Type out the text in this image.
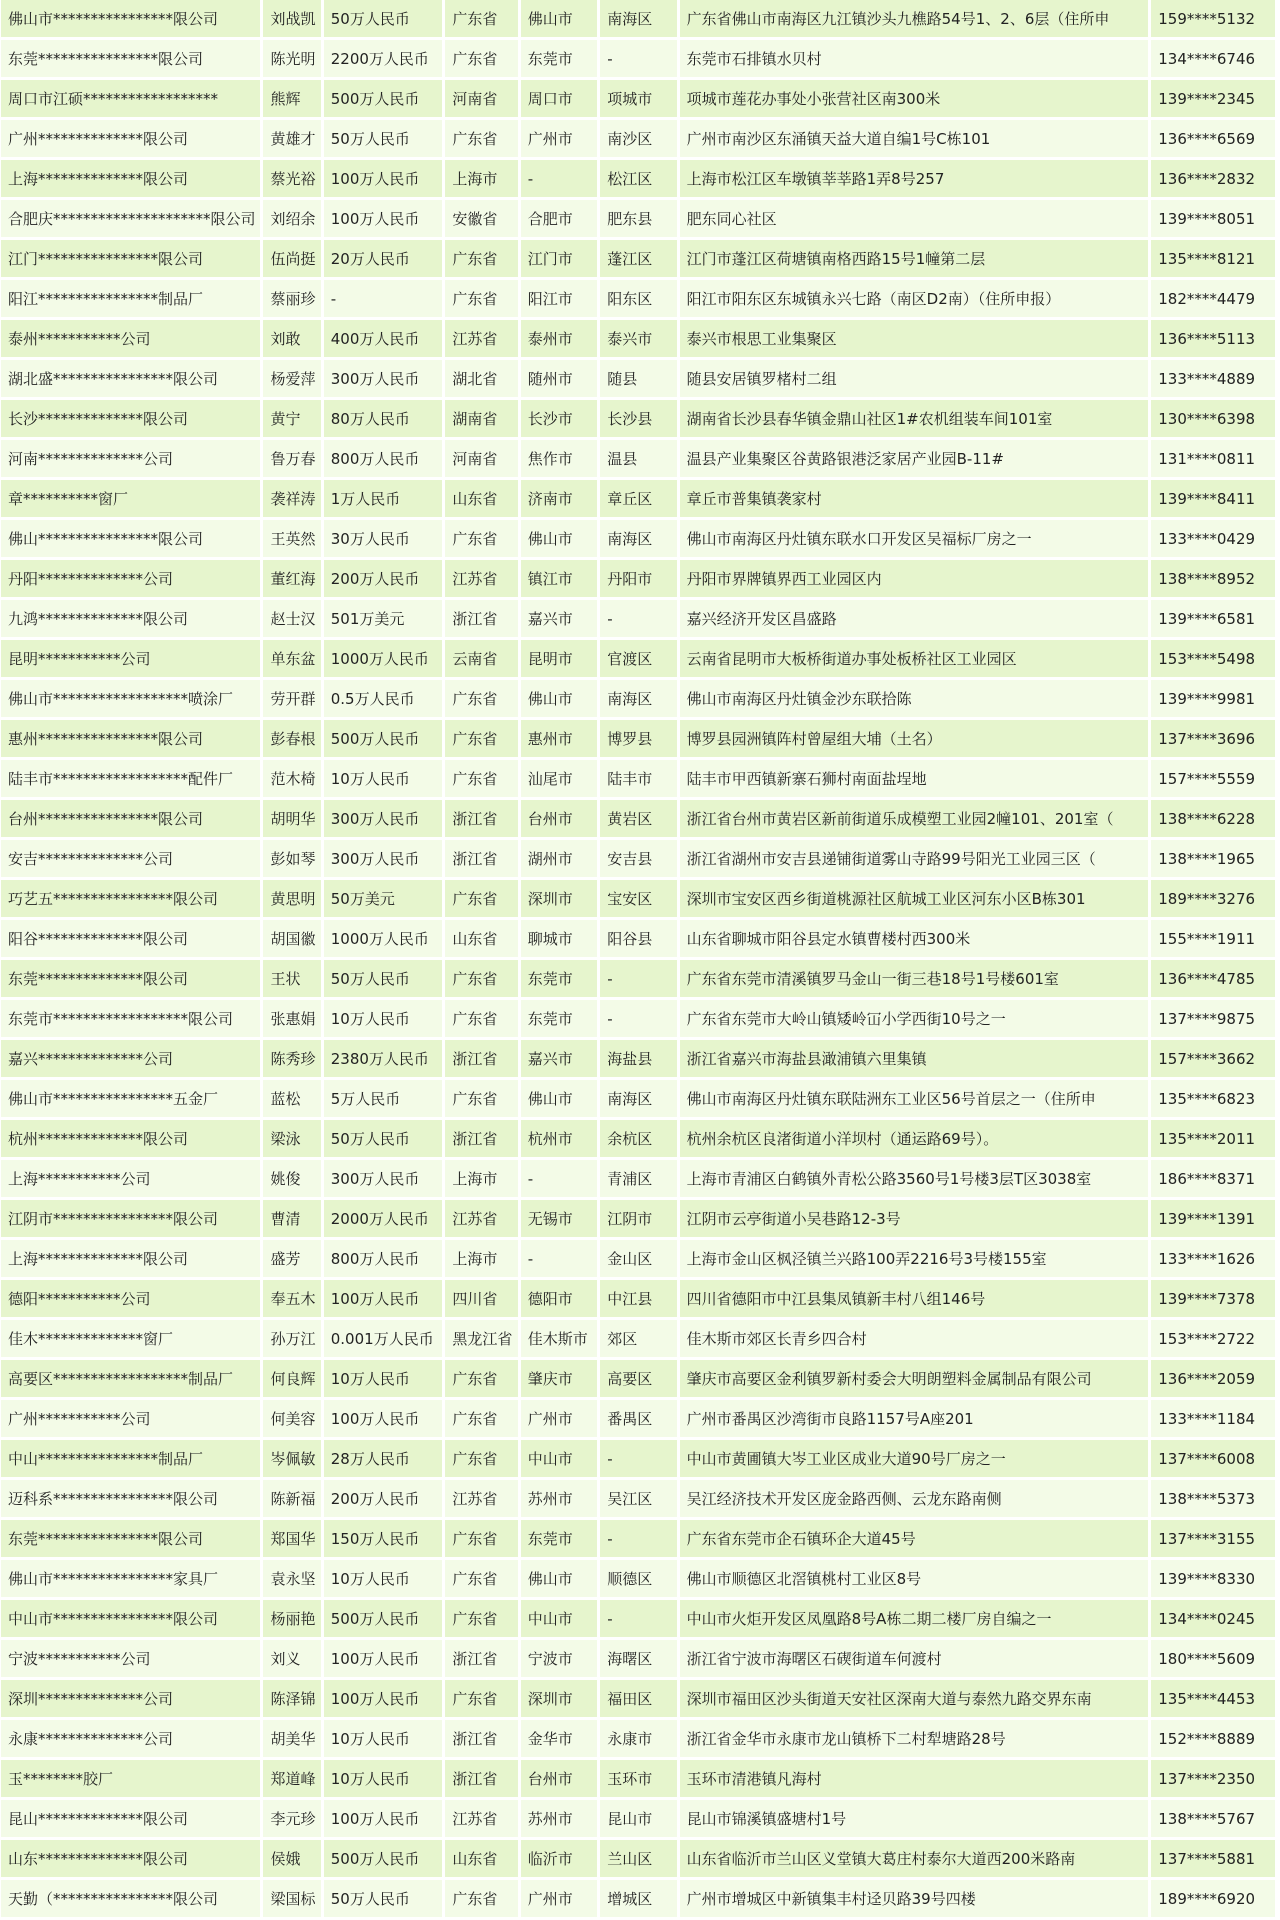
佛山市****************限公司	刘战凯	50万人民币	广东省	佛山市	南海区	广东省佛山市南海区九江镇沙头九樵路54号1、2、6层（住所申	159****5132
东莞****************限公司	陈光明	2200万人民币	广东省	东莞市	-	东莞市石排镇水贝村	134****6746
周口市江硕******************	熊辉	500万人民币	河南省	周口市	项城市	项城市莲花办事处小张营社区南300米	139****2345
广州**************限公司	黄雄才	50万人民币	广东省	广州市	南沙区	广州市南沙区东涌镇天益大道自编1号C栋101	136****6569
上海**************限公司	蔡光裕	100万人民币	上海市	-	松江区	上海市松江区车墩镇莘莘路1弄8号257	136****2832
合肥庆*********************限公司	刘绍余	100万人民币	安徽省	合肥市	肥东县	肥东同心社区	139****8051
江门****************限公司	伍尚挺	20万人民币	广东省	江门市	蓬江区	江门市蓬江区荷塘镇南格西路15号1幢第二层	135****8121
阳江****************制品厂	蔡丽珍	-	广东省	阳江市	阳东区	阳江市阳东区东城镇永兴七路（南区D2南）（住所申报）	182****4479
泰州***********公司	刘敢	400万人民币	江苏省	泰州市	泰兴市	泰兴市根思工业集聚区	136****5113
湖北盛****************限公司	杨爱萍	300万人民币	湖北省	随州市	随县	随县安居镇罗楮村二组	133****4889
长沙**************限公司	黄宁	80万人民币	湖南省	长沙市	长沙县	湖南省长沙县春华镇金鼎山社区1#农机组装车间101室	130****6398
河南**************公司	鲁万春	800万人民币	河南省	焦作市	温县	温县产业集聚区谷黄路银港泛家居产业园B-11#	131****0811
章**********窗厂	袭祥涛	1万人民币	山东省	济南市	章丘区	章丘市普集镇袭家村	139****8411
佛山****************限公司	王英然	30万人民币	广东省	佛山市	南海区	佛山市南海区丹灶镇东联水口开发区吴福标厂房之一	133****0429
丹阳**************公司	董红海	200万人民币	江苏省	镇江市	丹阳市	丹阳市界牌镇界西工业园区内	138****8952
九鸿**************限公司	赵士汉	501万美元	浙江省	嘉兴市	-	嘉兴经济开发区昌盛路	139****6581
昆明***********公司	单东盆	1000万人民币	云南省	昆明市	官渡区	云南省昆明市大板桥街道办事处板桥社区工业园区	153****5498
佛山市******************喷涂厂	劳开群	0.5万人民币	广东省	佛山市	南海区	佛山市南海区丹灶镇金沙东联拾陈	139****9981
惠州****************限公司	彭春根	500万人民币	广东省	惠州市	博罗县	博罗县园洲镇阵村曾屋组大埔（土名）	137****3696
陆丰市******************配件厂	范木椅	10万人民币	广东省	汕尾市	陆丰市	陆丰市甲西镇新寨石狮村南面盐埕地	157****5559
台州****************限公司	胡明华	300万人民币	浙江省	台州市	黄岩区	浙江省台州市黄岩区新前街道乐成模塑工业园2幢101、201室（	138****6228
安吉**************公司	彭如琴	300万人民币	浙江省	湖州市	安吉县	浙江省湖州市安吉县递铺街道雾山寺路99号阳光工业园三区（	138****1965
巧艺五****************限公司	黄思明	50万美元	广东省	深圳市	宝安区	深圳市宝安区西乡街道桃源社区航城工业区河东小区B栋301	189****3276
阳谷**************限公司	胡国徽	1000万人民币	山东省	聊城市	阳谷县	山东省聊城市阳谷县定水镇曹楼村西300米	155****1911
东莞**************限公司	王状	50万人民币	广东省	东莞市	-	广东省东莞市清溪镇罗马金山一街三巷18号1号楼601室	136****4785
东莞市******************限公司	张惠娟	10万人民币	广东省	东莞市	-	广东省东莞市大岭山镇矮岭冚小学西街10号之一	137****9875
嘉兴**************公司	陈秀珍	2380万人民币	浙江省	嘉兴市	海盐县	浙江省嘉兴市海盐县澉浦镇六里集镇	157****3662
佛山市****************五金厂	蓝松	5万人民币	广东省	佛山市	南海区	佛山市南海区丹灶镇东联陆洲东工业区56号首层之一（住所申	135****6823
杭州**************限公司	梁泳	50万人民币	浙江省	杭州市	余杭区	杭州余杭区良渚街道小洋坝村（通运路69号）。	135****2011
上海***********公司	姚俊	300万人民币	上海市	-	青浦区	上海市青浦区白鹤镇外青松公路3560号1号楼3层T区3038室	186****8371
江阴市****************限公司	曹清	2000万人民币	江苏省	无锡市	江阴市	江阴市云亭街道小吴巷路12-3号	139****1391
上海**************限公司	盛芳	800万人民币	上海市	-	金山区	上海市金山区枫泾镇兰兴路100弄2216号3号楼155室	133****1626
德阳***********公司	奉五木	100万人民币	四川省	德阳市	中江县	四川省德阳市中江县集凤镇新丰村八组146号	139****7378
佳木**************窗厂	孙万江	0.001万人民币	黑龙江省	佳木斯市	郊区	佳木斯市郊区长青乡四合村	153****2722
高要区******************制品厂	何良辉	10万人民币	广东省	肇庆市	高要区	肇庆市高要区金利镇罗新村委会大明朗塑料金属制品有限公司	136****2059
广州***********公司	何美容	100万人民币	广东省	广州市	番禺区	广州市番禺区沙湾街市良路1157号A座201	133****1184
中山****************制品厂	岑佩敏	28万人民币	广东省	中山市	-	中山市黄圃镇大岑工业区成业大道90号厂房之一	137****6008
迈科系****************限公司	陈新福	200万人民币	江苏省	苏州市	吴江区	吴江经济技术开发区庞金路西侧、云龙东路南侧	138****5373
东莞****************限公司	郑国华	150万人民币	广东省	东莞市	-	广东省东莞市企石镇环企大道45号	137****3155
佛山市****************家具厂	袁永坚	10万人民币	广东省	佛山市	顺德区	佛山市顺德区北滘镇桃村工业区8号	139****8330
中山市****************限公司	杨丽艳	500万人民币	广东省	中山市	-	中山市火炬开发区凤凰路8号A栋二期二楼厂房自编之一	134****0245
宁波***********公司	刘义	100万人民币	浙江省	宁波市	海曙区	浙江省宁波市海曙区石碶街道车何渡村	180****5609
深圳**************公司	陈泽锦	100万人民币	广东省	深圳市	福田区	深圳市福田区沙头街道天安社区深南大道与泰然九路交界东南	135****4453
永康**************公司	胡美华	10万人民币	浙江省	金华市	永康市	浙江省金华市永康市龙山镇桥下二村犁塘路28号	152****8889
玉********胶厂	郑道峰	10万人民币	浙江省	台州市	玉环市	玉环市清港镇凡海村	137****2350
昆山**************限公司	李元珍	100万人民币	江苏省	苏州市	昆山市	昆山市锦溪镇盛塘村1号	138****5767
山东**************限公司	侯娥	500万人民币	山东省	临沂市	兰山区	山东省临沂市兰山区义堂镇大葛庄村泰尔大道西200米路南	137****5881
天勤（****************限公司	梁国标	50万人民币	广东省	广州市	增城区	广州市增城区中新镇集丰村迳贝路39号四楼	189****6920
